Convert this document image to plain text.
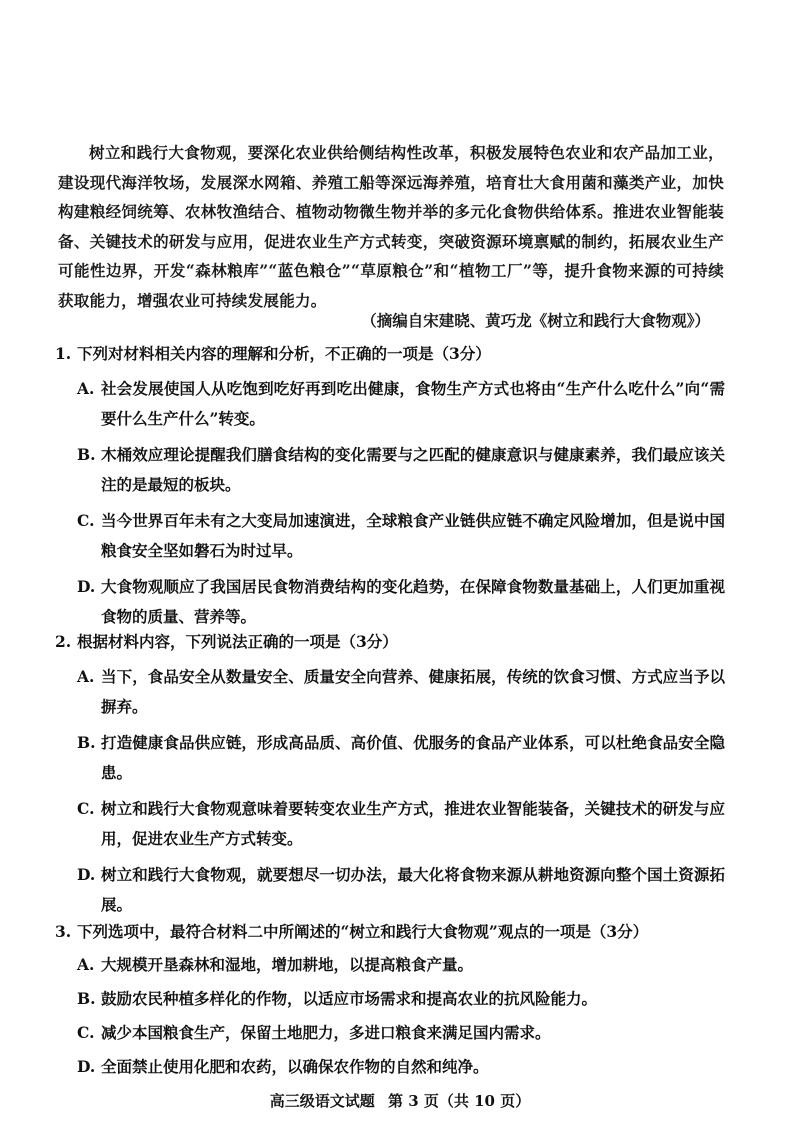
树立和践行大食物观，要深化农业供给侧结构性改革，积极发展特色农业和农产品加工业，建设现代海洋牧场，发展深水网箱、养殖工船等深远海养殖，培育壮大食用菌和藻类产业，加快构建粮经饲统筹、农林牧渔结合、植物动物微生物并举的多元化食物供给体系。推进农业智能装备、关键技术的研发与应用，促进农业生产方式转变，突破资源环境禀赋的制约，拓展农业生产可能性边界，开发“森林粮库”“蓝色粮仓”“草原粮仓”和“植物工厂”等，提升食物来源的可持续获取能力，增强农业可持续发展能力。
（摘编自宋建晓、黄巧龙《树立和践行大食物观》）
1. 下列对材料相关内容的理解和分析，不正确的一项是（3分）
A. 社会发展使国人从吃饱到吃好再到吃出健康，食物生产方式也将由“生产什么吃什么”向“需要什么生产什么”转变。
B. 木桶效应理论提醒我们膳食结构的变化需要与之匹配的健康意识与健康素养，我们最应该关注的是最短的板块。
C. 当今世界百年未有之大变局加速演进，全球粮食产业链供应链不确定风险增加，但是说中国粮食安全坚如磐石为时过早。
D. 大食物观顺应了我国居民食物消费结构的变化趋势，在保障食物数量基础上，人们更加重视食物的质量、营养等。
2. 根据材料内容，下列说法正确的一项是（3分）
A. 当下，食品安全从数量安全、质量安全向营养、健康拓展，传统的饮食习惯、方式应当予以摒弃。
B. 打造健康食品供应链，形成高品质、高价值、优服务的食品产业体系，可以杜绝食品安全隐患。
C. 树立和践行大食物观意味着要转变农业生产方式，推进农业智能装备，关键技术的研发与应用，促进农业生产方式转变。
D. 树立和践行大食物观，就要想尽一切办法，最大化将食物来源从耕地资源向整个国土资源拓展。
3. 下列选项中，最符合材料二中所阐述的“树立和践行大食物观”观点的一项是（3分）
A. 大规模开垦森林和湿地，增加耕地，以提高粮食产量。
B. 鼓励农民种植多样化的作物，以适应市场需求和提高农业的抗风险能力。
C. 减少本国粮食生产，保留土地肥力，多进口粮食来满足国内需求。
D. 全面禁止使用化肥和农药，以确保农作物的自然和纯净。
高三级语文试题 第 3 页（共 10 页）
